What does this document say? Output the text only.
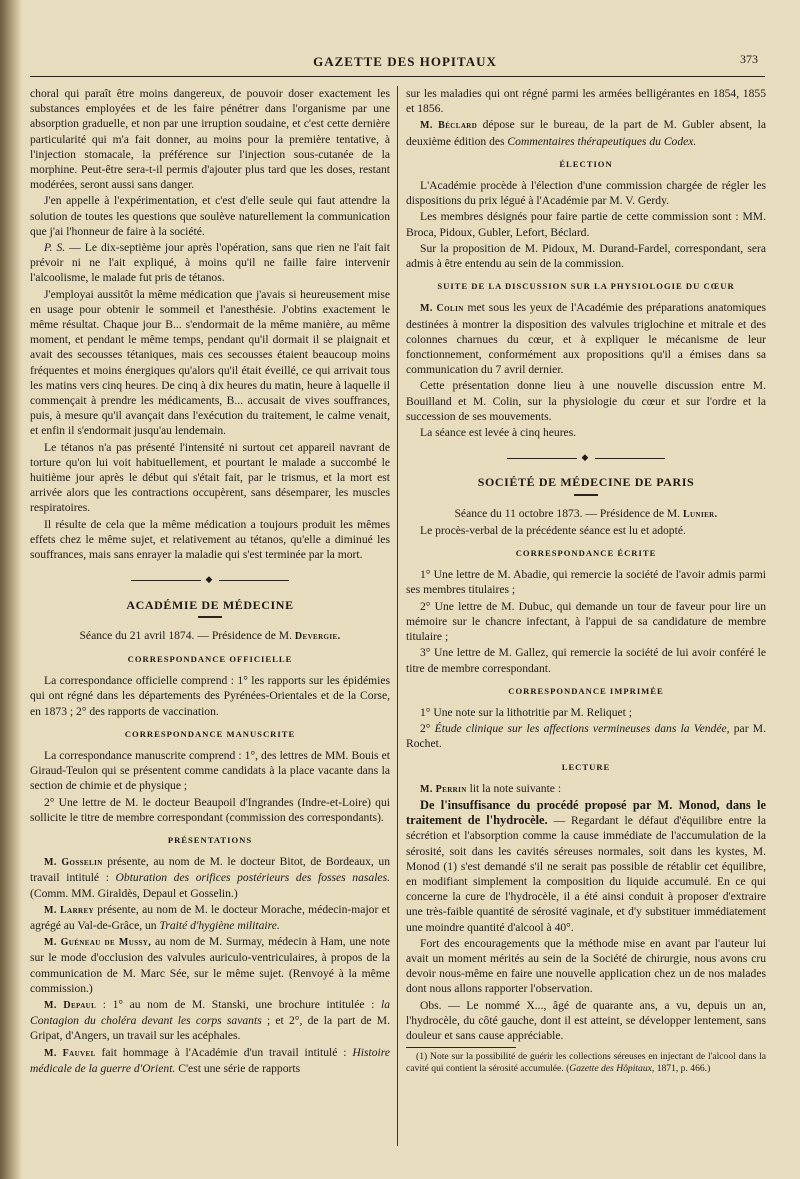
GAZETTE DES HOPITAUX	373

choral qui paraît être moins dangereux, de pouvoir doser exactement les substances employées et de les faire pénétrer dans l'organisme par une absorption graduelle, et non par une irruption soudaine, et c'est cette dernière particularité qui m'a fait donner, au moins pour la première tentative, à l'injection stomacale, la préférence sur l'injection sous-cutanée de la morphine. Peut-être sera-t-il permis d'ajouter plus tard que les doses, restant modérées, seront aussi sans danger.

J'en appelle à l'expérimentation, et c'est d'elle seule qui faut attendre la solution de toutes les questions que soulève naturellement la communication que j'ai l'honneur de faire à la société.

P. S. — Le dix-septième jour après l'opération, sans que rien ne l'ait fait prévoir ni ne l'ait expliqué, à moins qu'il ne faille faire intervenir l'alcoolisme, le malade fut pris de tétanos.

J'employai aussitôt la même médication que j'avais si heureusement mise en usage pour obtenir le sommeil et l'anesthésie. J'obtins exactement le même résultat. Chaque jour B... s'endormait de la même manière, au même moment, et pendant le même temps, pendant qu'il dormait il se plaignait et avait des secousses tétaniques, mais ces secousses étaient beaucoup moins fréquentes et moins énergiques qu'alors qu'il était éveillé, ce qui arrivait tous les matins vers cinq heures. De cinq à dix heures du matin, heure à laquelle il commençait à prendre les médicaments, B... accusait de vives souffrances, puis, à mesure qu'il avançait dans l'exécution du traitement, le calme venait, et enfin il s'endormait jusqu'au lendemain.

Le tétanos n'a pas présenté l'intensité ni surtout cet appareil navrant de torture qu'on lui voit habituellement, et pourtant le malade a succombé le huitième jour après le début qui s'était fait, par le trismus, et la mort est arrivée alors que les contractions occupèrent, sans désemparer, les muscles respiratoires.

Il résulte de cela que la même médication a toujours produit les mêmes effets chez le même sujet, et relativement au tétanos, qu'elle a diminué les souffrances, mais sans enrayer la maladie qui s'est terminée par la mort.

◆
ACADÉMIE DE MÉDECINE

Séance du 21 avril 1874. — Présidence de M. Devergie.

CORRESPONDANCE OFFICIELLE

La correspondance officielle comprend : 1° les rapports sur les épidémies qui ont régné dans les départements des Pyrénées-Orientales et de la Corse, en 1873 ; 2° des rapports de vaccination.

CORRESPONDANCE MANUSCRITE

La correspondance manuscrite comprend : 1°, des lettres de MM. Bouis et Giraud-Teulon qui se présentent comme candidats à la place vacante dans la section de chimie et de physique ;

2° Une lettre de M. le docteur Beaupoil d'Ingrandes (Indre-et-Loire) qui sollicite le titre de membre correspondant (commission des correspondants).

PRÉSENTATIONS

M. Gosselin présente, au nom de M. le docteur Bitot, de Bordeaux, un travail intitulé : Obturation des orifices postérieurs des fosses nasales. (Comm. MM. Giraldès, Depaul et Gosselin.)

M. Larrey présente, au nom de M. le docteur Morache, médecin-major et agrégé au Val-de-Grâce, un Traité d'hygiène militaire.

M. Guéneau de Mussy, au nom de M. Surmay, médecin à Ham, une note sur le mode d'occlusion des valvules auriculo-ventriculaires, à propos de la communication de M. Marc Sée, sur le même sujet. (Renvoyé à la même commission.)

M. Depaul : 1° au nom de M. Stanski, une brochure intitulée : la Contagion du choléra devant les corps savants ; et 2°, de la part de M. Gripat, d'Angers, un travail sur les acéphales.

M. Fauvel fait hommage à l'Académie d'un travail intitulé : Histoire médicale de la guerre d'Orient. C'est une série de rapports

sur les maladies qui ont régné parmi les armées belligérantes en 1854, 1855 et 1856.

M. Béclard dépose sur le bureau, de la part de M. Gubler absent, la deuxième édition des Commentaires thérapeutiques du Codex.

ÉLECTION

L'Académie procède à l'élection d'une commission chargée de régler les dispositions du prix légué à l'Académie par M. V. Gerdy.

Les membres désignés pour faire partie de cette commission sont : MM. Broca, Pidoux, Gubler, Lefort, Béclard.

Sur la proposition de M. Pidoux, M. Durand-Fardel, correspondant, sera admis à être entendu au sein de la commission.

SUITE DE LA DISCUSSION SUR LA PHYSIOLOGIE DU CŒUR

M. Colin met sous les yeux de l'Académie des préparations anatomiques destinées à montrer la disposition des valvules triglochine et mitrale et des colonnes charnues du cœur, et à expliquer le mécanisme de leur fonctionnement, conformément aux propositions qu'il a émises dans sa communication du 7 avril dernier.

Cette présentation donne lieu à une nouvelle discussion entre M. Bouilland et M. Colin, sur la physiologie du cœur et sur l'ordre et la succession de ses mouvements.

La séance est levée à cinq heures.

◆
SOCIÉTÉ DE MÉDECINE DE PARIS

Séance du 11 octobre 1873. — Présidence de M. Lunier.

Le procès-verbal de la précédente séance est lu et adopté.

CORRESPONDANCE ÉCRITE

1° Une lettre de M. Abadie, qui remercie la société de l'avoir admis parmi ses membres titulaires ;

2° Une lettre de M. Dubuc, qui demande un tour de faveur pour lire un mémoire sur le chancre infectant, à l'appui de sa candidature de membre titulaire ;

3° Une lettre de M. Gallez, qui remercie la société de lui avoir conféré le titre de membre correspondant.

CORRESPONDANCE IMPRIMÉE

1° Une note sur la lithotritie par M. Reliquet ;

2° Étude clinique sur les affections vermineuses dans la Vendée, par M. Rochet.

LECTURE

M. Perrin lit la note suivante :

De l'insuffisance du procédé proposé par M. Monod, dans le traitement de l'hydrocèle. — Regardant le défaut d'équilibre entre la sécrétion et l'absorption comme la cause immédiate de l'accumulation de la sérosité, soit dans les cavités séreuses normales, soit dans les kystes, M. Monod (1) s'est demandé s'il ne serait pas possible de rétablir cet équilibre, en modifiant simplement la composition du liquide accumulé. En ce qui concerne la cure de l'hydrocèle, il a été ainsi conduit à proposer d'extraire une très-faible quantité de sérosité vaginale, et d'y substituer immédiatement une moindre quantité d'alcool à 40°.

Fort des encouragements que la méthode mise en avant par l'auteur lui avait un moment mérités au sein de la Société de chirurgie, nous avons cru devoir nous-même en faire une nouvelle application chez un de nos malades dont nous allons rapporter l'observation.

Obs. — Le nommé X..., âgé de quarante ans, a vu, depuis un an, l'hydrocèle, du côté gauche, dont il est atteint, se développer lentement, sans douleur et sans cause appréciable.

(1) Note sur la possibilité de guérir les collections séreuses en injectant de l'alcool dans la cavité qui contient la sérosité accumulée. (Gazette des Hôpitaux, 1871, p. 466.)
